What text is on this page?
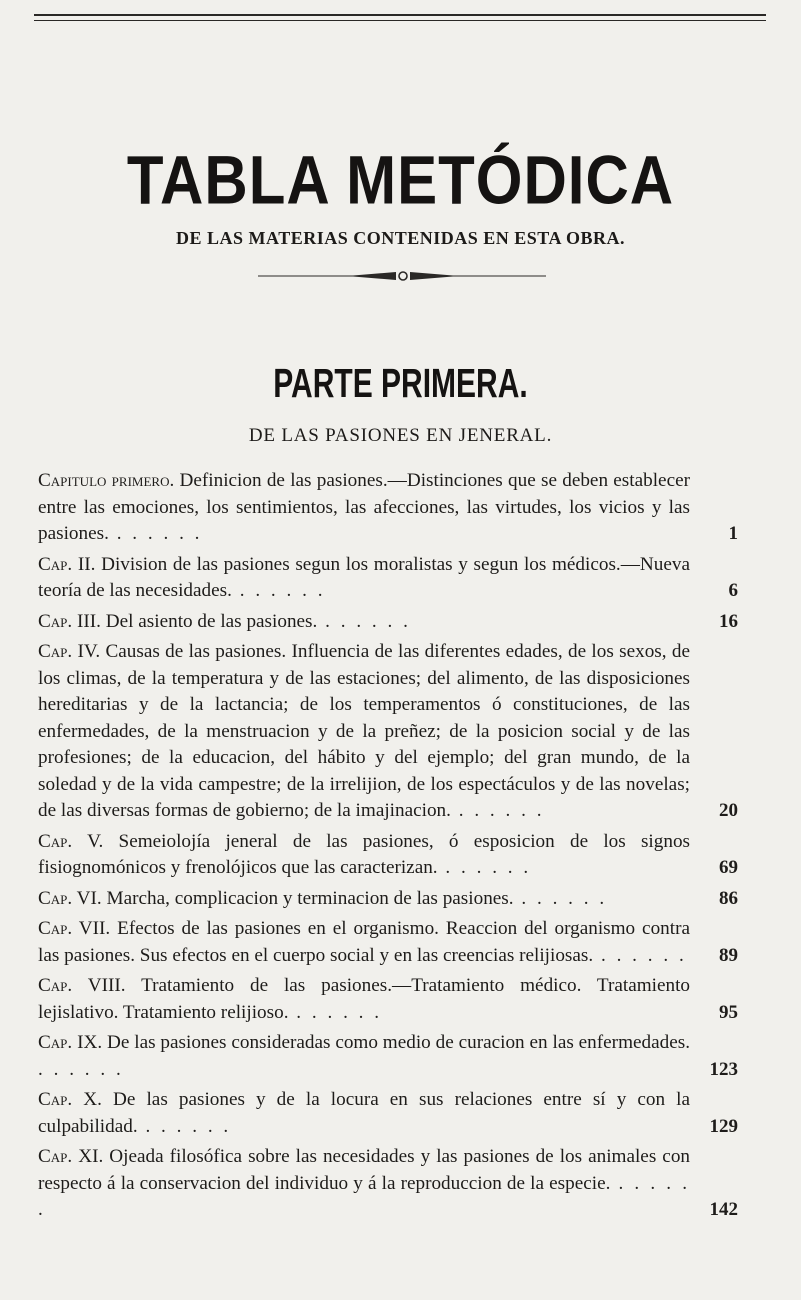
TABLA METÓDICA
DE LAS MATERIAS CONTENIDAS EN ESTA OBRA.
PARTE PRIMERA.
DE LAS PASIONES EN JENERAL.
Capitulo primero. Definicion de las pasiones.—Distinciones que se deben establecer entre las emociones, los sentimientos, las afecciones, las virtudes, los vicios y las pasiones. . . . . . .	1
Cap. II. Division de las pasiones segun los moralistas y segun los médicos.—Nueva teoría de las necesidades. . . . . . .	6
Cap. III. Del asiento de las pasiones. . . . . . .	16
Cap. IV. Causas de las pasiones. Influencia de las diferentes edades, de los sexos, de los climas, de la temperatura y de las estaciones; del alimento, de las disposiciones hereditarias y de la lactancia; de los temperamentos ó constituciones, de las enfermedades, de la menstruacion y de la preñez; de la posicion social y de las profesiones; de la educacion, del hábito y del ejemplo; del gran mundo, de la soledad y de la vida campestre; de la irrelijion, de los espectáculos y de las novelas; de las diversas formas de gobierno; de la imajinacion. . . . . . .	20
Cap. V. Semeiolojía jeneral de las pasiones, ó esposicion de los signos fisiognomónicos y frenolójicos que las caracterizan. . . . . . .	69
Cap. VI. Marcha, complicacion y terminacion de las pasiones. . . . . . .	86
Cap. VII. Efectos de las pasiones en el organismo. Reaccion del organismo contra las pasiones. Sus efectos en el cuerpo social y en las creencias relijiosas. . . . . . .	89
Cap. VIII. Tratamiento de las pasiones.—Tratamiento médico. Tratamiento lejislativo. Tratamiento relijioso. . . . . . .	95
Cap. IX. De las pasiones consideradas como medio de curacion en las enfermedades. . . . . . .	123
Cap. X. De las pasiones y de la locura en sus relaciones entre sí y con la culpabilidad. . . . . . .	129
Cap. XI. Ojeada filosófica sobre las necesidades y las pasiones de los animales con respecto á la conservacion del individuo y á la reproduccion de la especie. . . . . . .	142
